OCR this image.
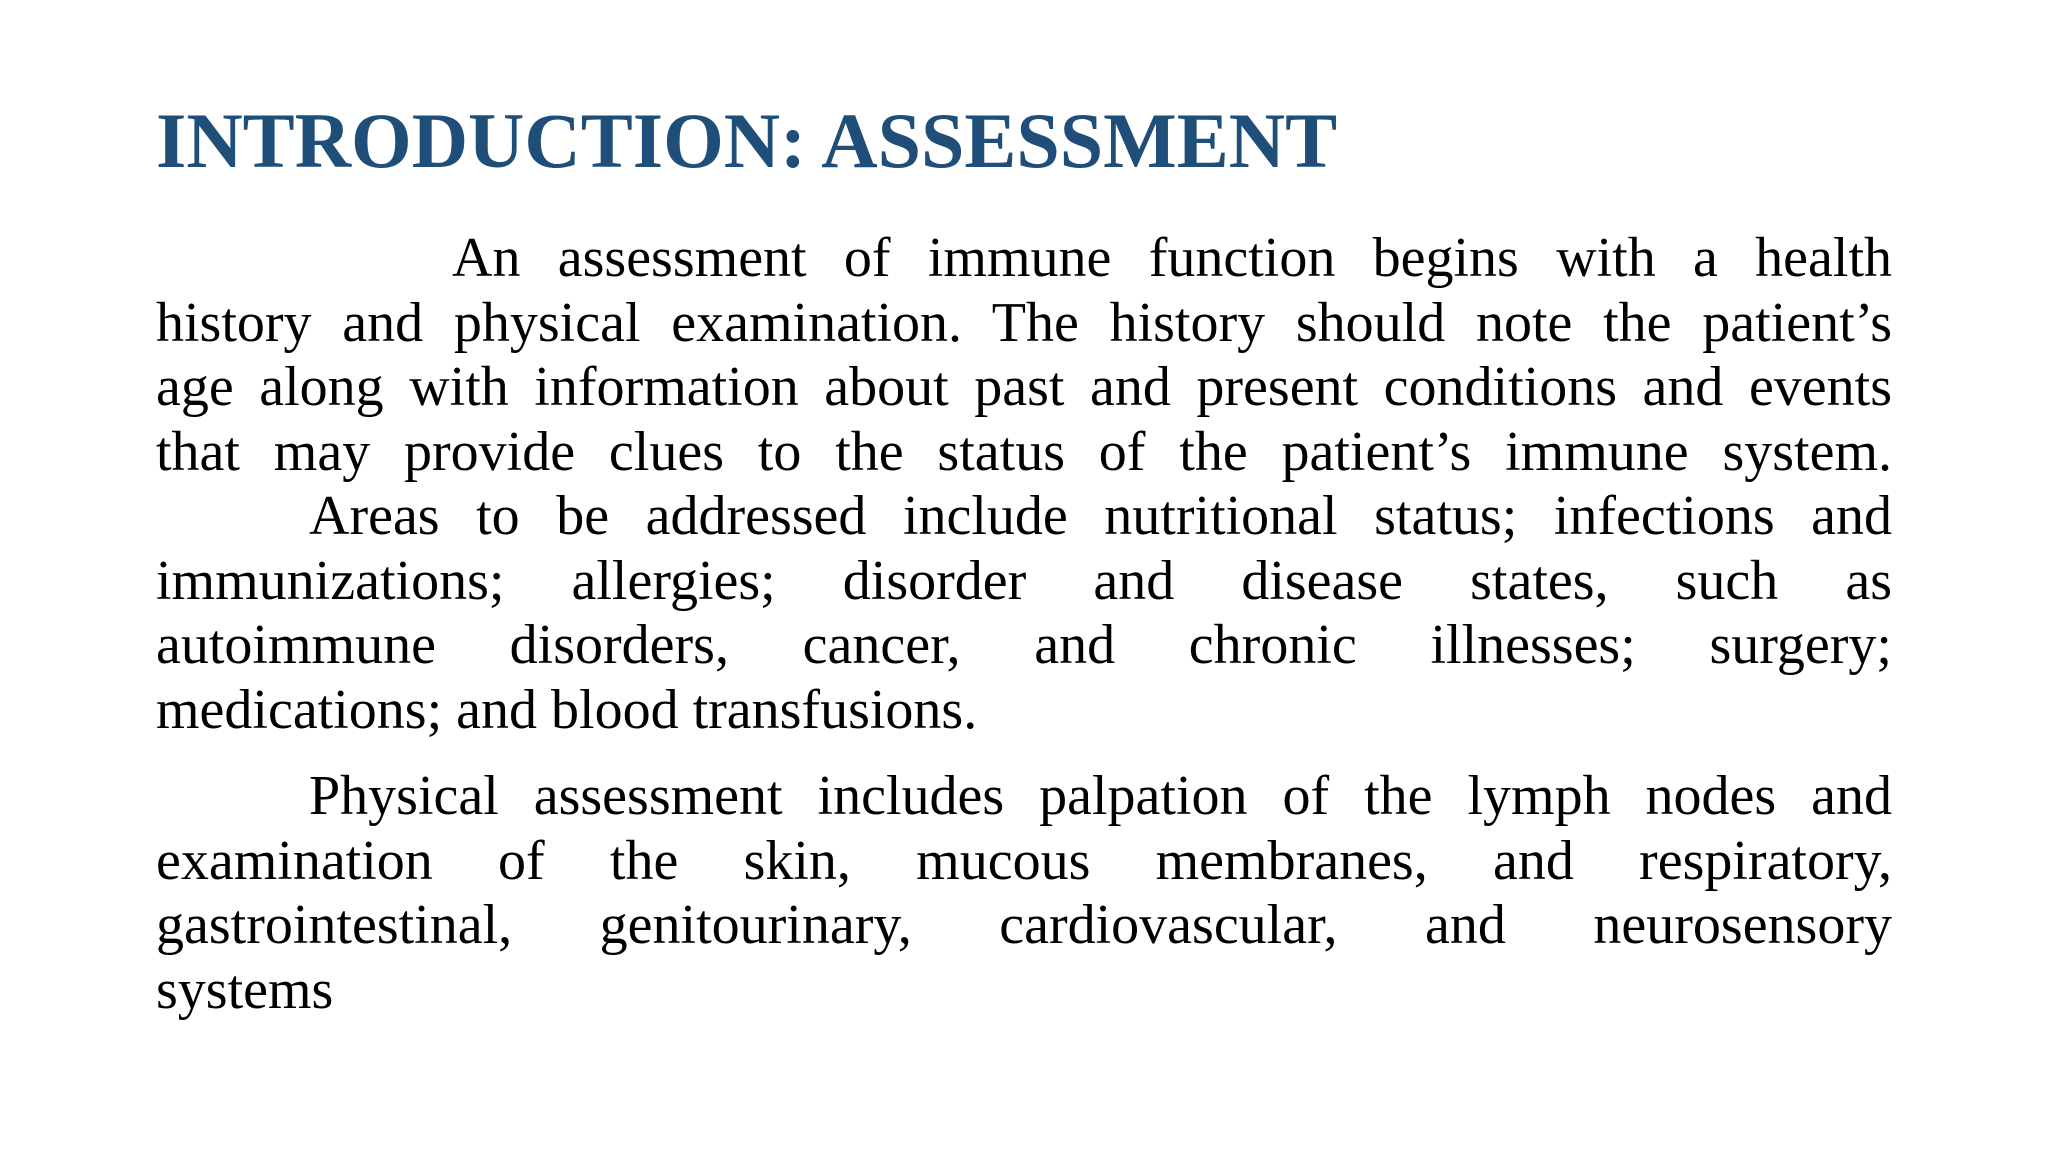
INTRODUCTION: ASSESSMENT

An assessment of immune function begins with a health

history and physical examination. The history should note the patient’s

age along with information about past and present conditions and events

that may provide clues to the status of the patient’s immune system.

Areas to be addressed include nutritional status; infections and

immunizations; allergies; disorder and disease states, such as

autoimmune disorders, cancer, and chronic illnesses; surgery;

medications; and blood transfusions.

Physical assessment includes palpation of the lymph nodes and

examination of the skin, mucous membranes, and respiratory,

gastrointestinal, genitourinary, cardiovascular, and neurosensory

systems
